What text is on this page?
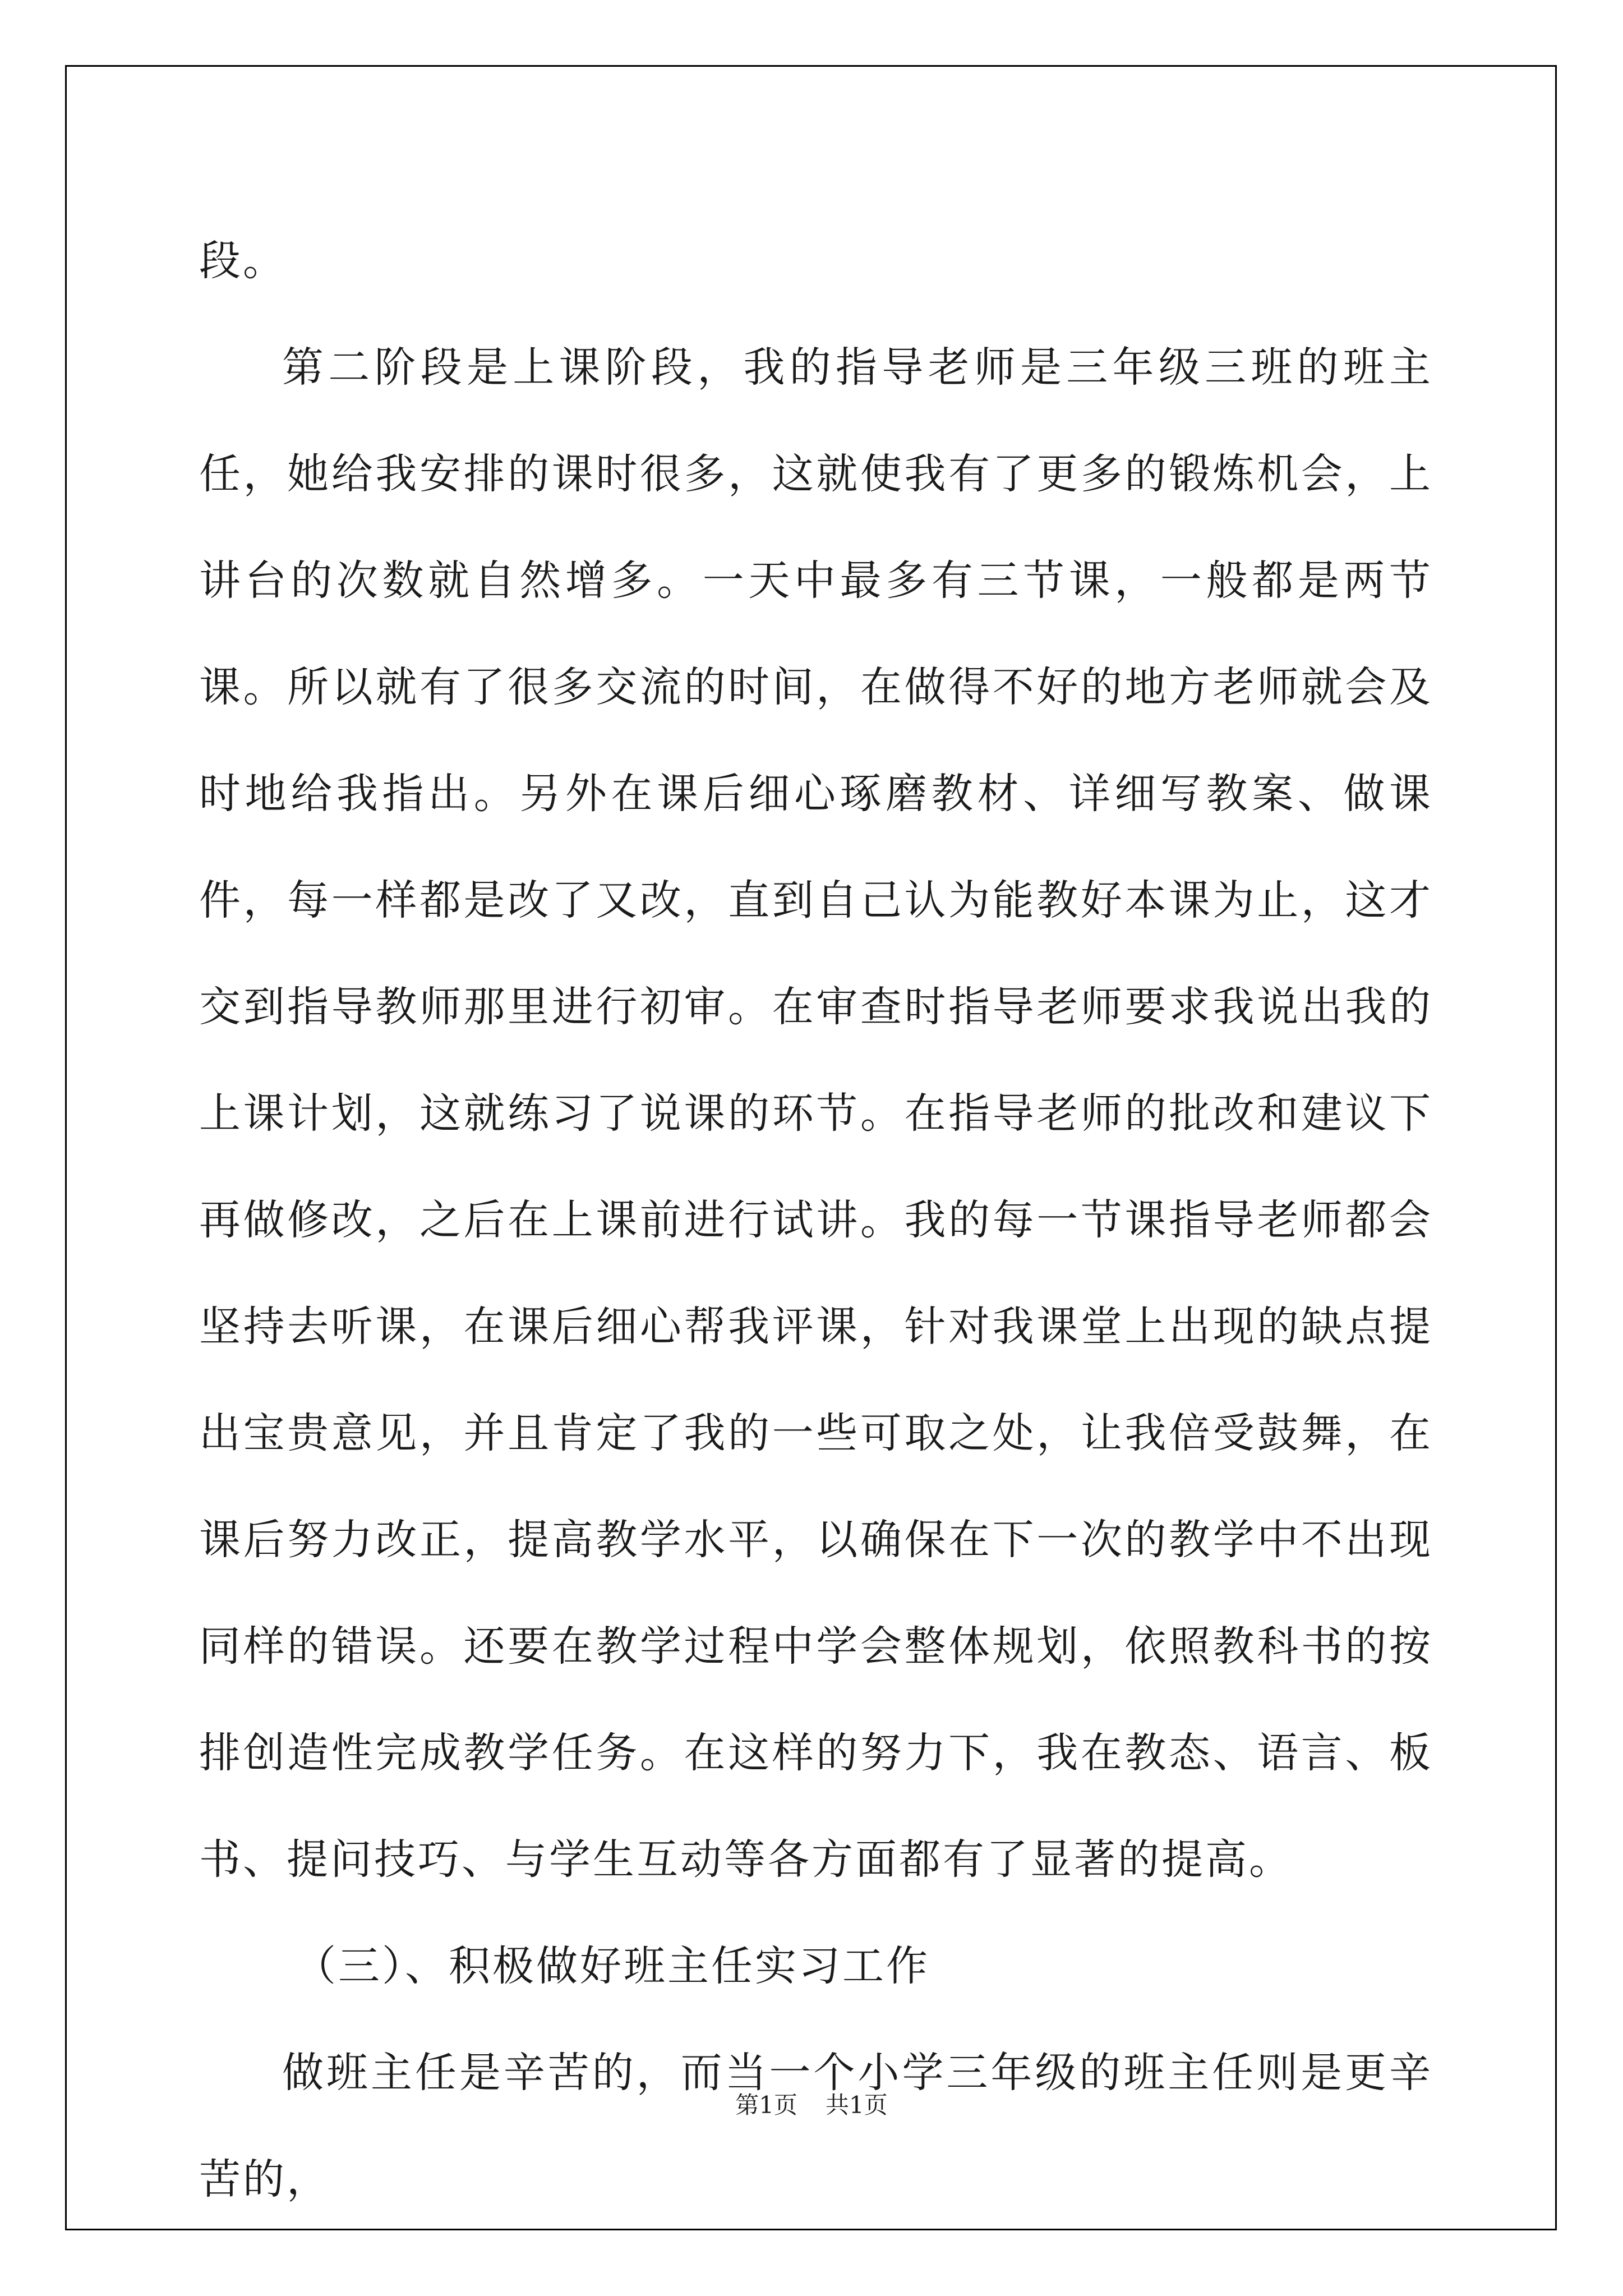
段。

第二阶段是上课阶段，我的指导老师是三年级三班的班主任，她给我安排的课时很多，这就使我有了更多的锻炼机会，上讲台的次数就自然增多。一天中最多有三节课，一般都是两节课。所以就有了很多交流的时间，在做得不好的地方老师就会及时地给我指出。另外在课后细心琢磨教材、详细写教案、做课件，每一样都是改了又改，直到自己认为能教好本课为止，这才交到指导教师那里进行初审。在审查时指导老师要求我说出我的上课计划，这就练习了说课的环节。在指导老师的批改和建议下再做修改，之后在上课前进行试讲。我的每一节课指导老师都会坚持去听课，在课后细心帮我评课，针对我课堂上出现的缺点提出宝贵意见，并且肯定了我的一些可取之处，让我倍受鼓舞，在课后努力改正，提高教学水平，以确保在下一次的教学中不出现同样的错误。还要在教学过程中学会整体规划，依照教科书的按排创造性完成教学任务。在这样的努力下，我在教态、语言、板书、提问技巧、与学生互动等各方面都有了显著的提高。

（三）、积极做好班主任实习工作

做班主任是辛苦的，而当一个小学三年级的班主任则是更辛苦的，

第1页 共1页
